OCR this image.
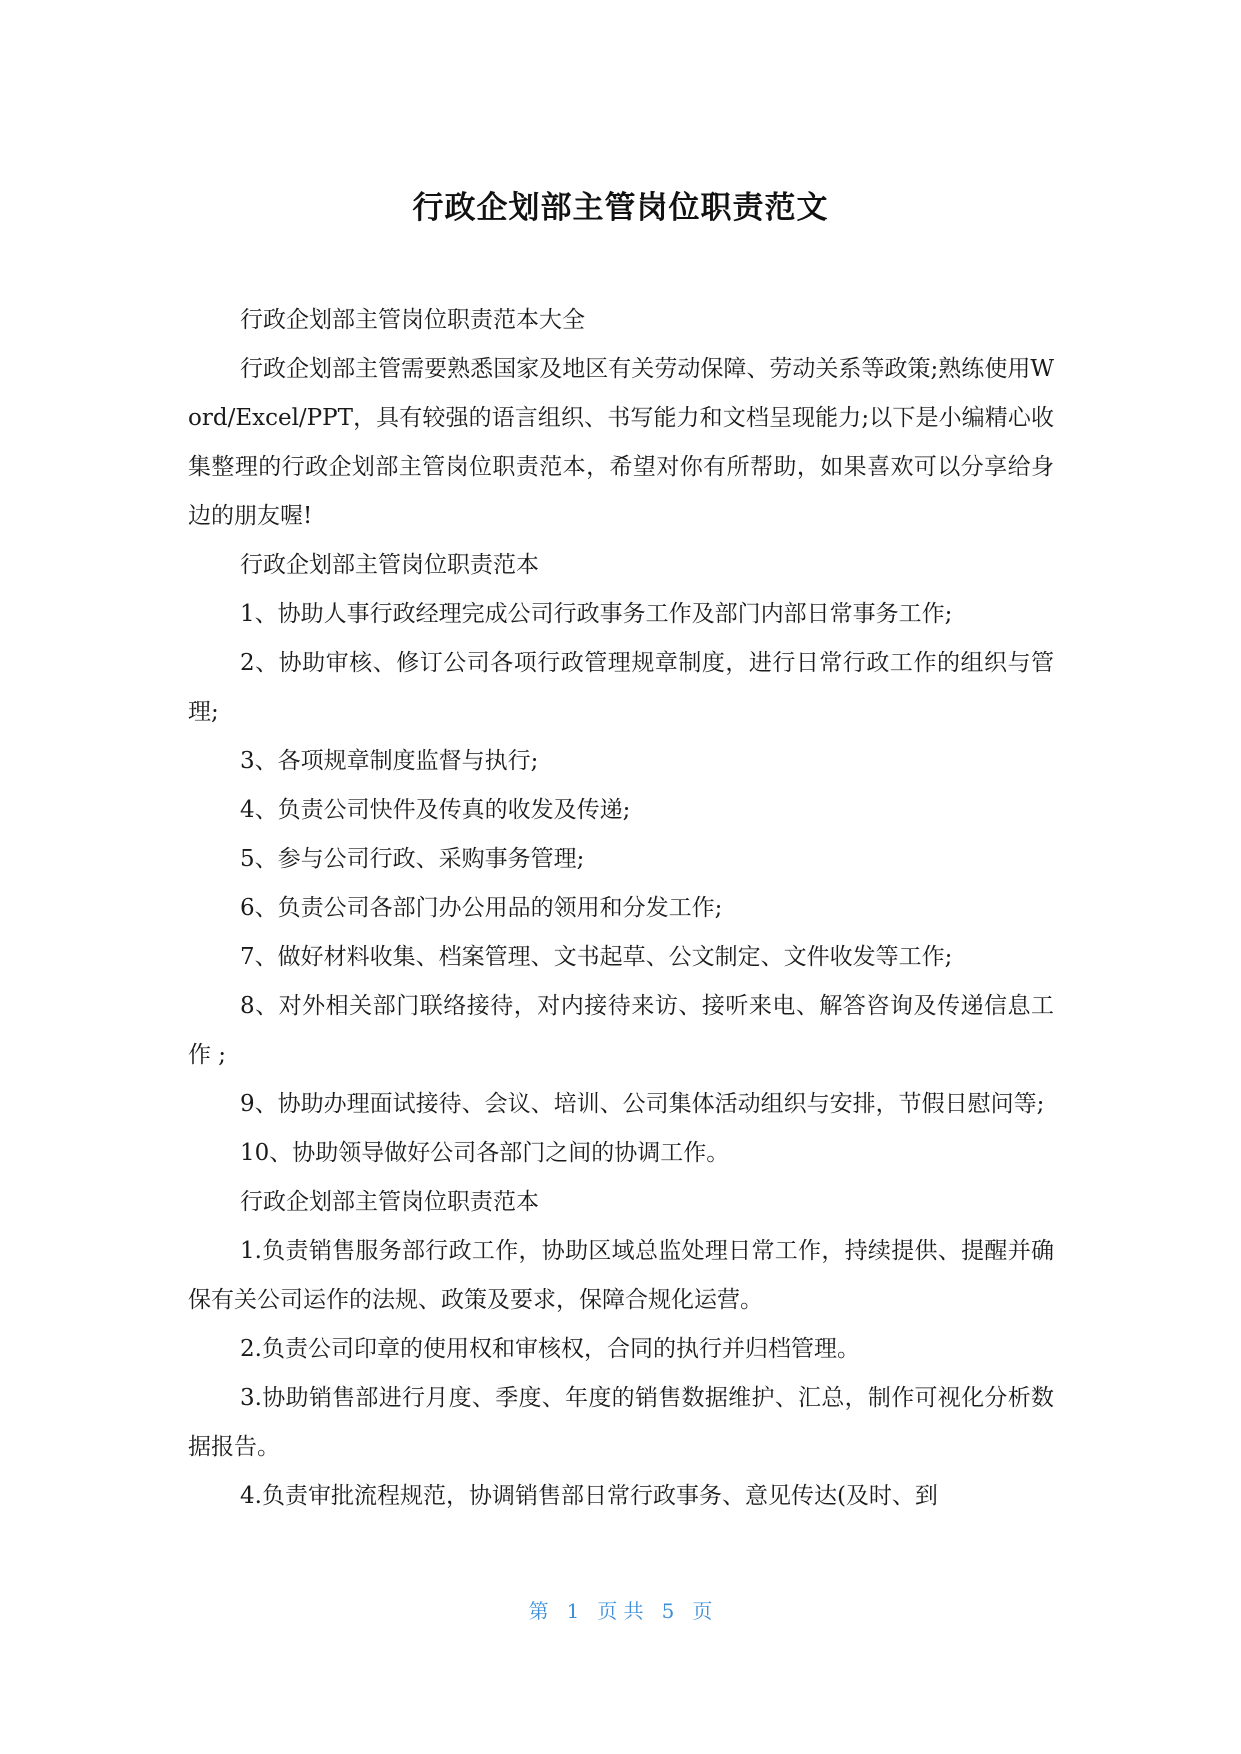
行政企划部主管岗位职责范文

行政企划部主管岗位职责范本大全

行政企划部主管需要熟悉国家及地区有关劳动保障、劳动关系等政策;熟练使用Word/Excel/PPT，具有较强的语言组织、书写能力和文档呈现能力;以下是小编精心收集整理的行政企划部主管岗位职责范本，希望对你有所帮助，如果喜欢可以分享给身边的朋友喔!

行政企划部主管岗位职责范本

1、协助人事行政经理完成公司行政事务工作及部门内部日常事务工作;

2、协助审核、修订公司各项行政管理规章制度，进行日常行政工作的组织与管理;

3、各项规章制度监督与执行;

4、负责公司快件及传真的收发及传递;

5、参与公司行政、采购事务管理;

6、负责公司各部门办公用品的领用和分发工作;

7、做好材料收集、档案管理、文书起草、公文制定、文件收发等工作;

8、对外相关部门联络接待，对内接待来访、接听来电、解答咨询及传递信息工作 ;

9、协助办理面试接待、会议、培训、公司集体活动组织与安排，节假日慰问等;

10、协助领导做好公司各部门之间的协调工作。

行政企划部主管岗位职责范本

1.负责销售服务部行政工作，协助区域总监处理日常工作，持续提供、提醒并确保有关公司运作的法规、政策及要求，保障合规化运营。

2.负责公司印章的使用权和审核权，合同的执行并归档管理。

3.协助销售部进行月度、季度、年度的销售数据维护、汇总，制作可视化分析数据报告。

4.负责审批流程规范，协调销售部日常行政事务、意见传达(及时、到

第 1 页 共 5 页
